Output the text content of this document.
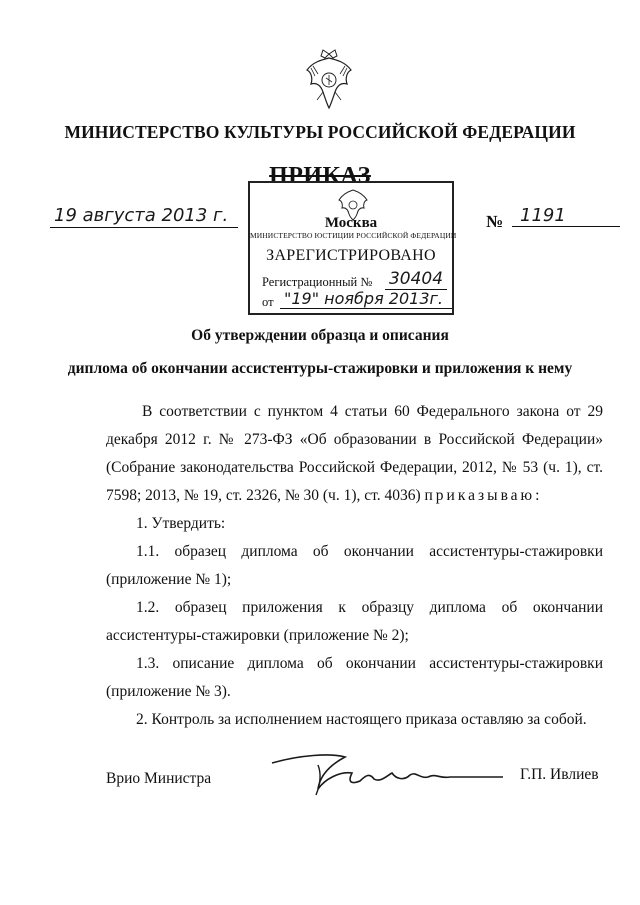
МИНИСТЕРСТВО КУЛЬТУРЫ РОССИЙСКОЙ ФЕДЕРАЦИИ
ПРИКАЗ
19 августа 2013 г.	№ 1191
Москва
МИНИСТЕРСТВО ЮСТИЦИИ РОССИЙСКОЙ ФЕДЕРАЦИИ
ЗАРЕГИСТРИРОВАНО
Регистрационный № 30404
от "19" ноября 2013г.
Об утверждении образца и описания
диплома об окончании ассистентуры-стажировки и приложения к нему
В соответствии с пунктом 4 статьи 60 Федерального закона от 29 декабря 2012 г. № 273-ФЗ «Об образовании в Российской Федерации» (Собрание законодательства Российской Федерации, 2012, № 53 (ч. 1), ст. 7598; 2013, № 19, ст. 2326, № 30 (ч. 1), ст. 4036) приказываю:
1. Утвердить:
1.1. образец диплома об окончании ассистентуры-стажировки (приложение № 1);
1.2. образец приложения к образцу диплома об окончании ассистентуры-стажировки (приложение № 2);
1.3. описание диплома об окончании ассистентуры-стажировки (приложение № 3).
2. Контроль за исполнением настоящего приказа оставляю за собой.
Врио Министра	Г.П. Ивлиев
